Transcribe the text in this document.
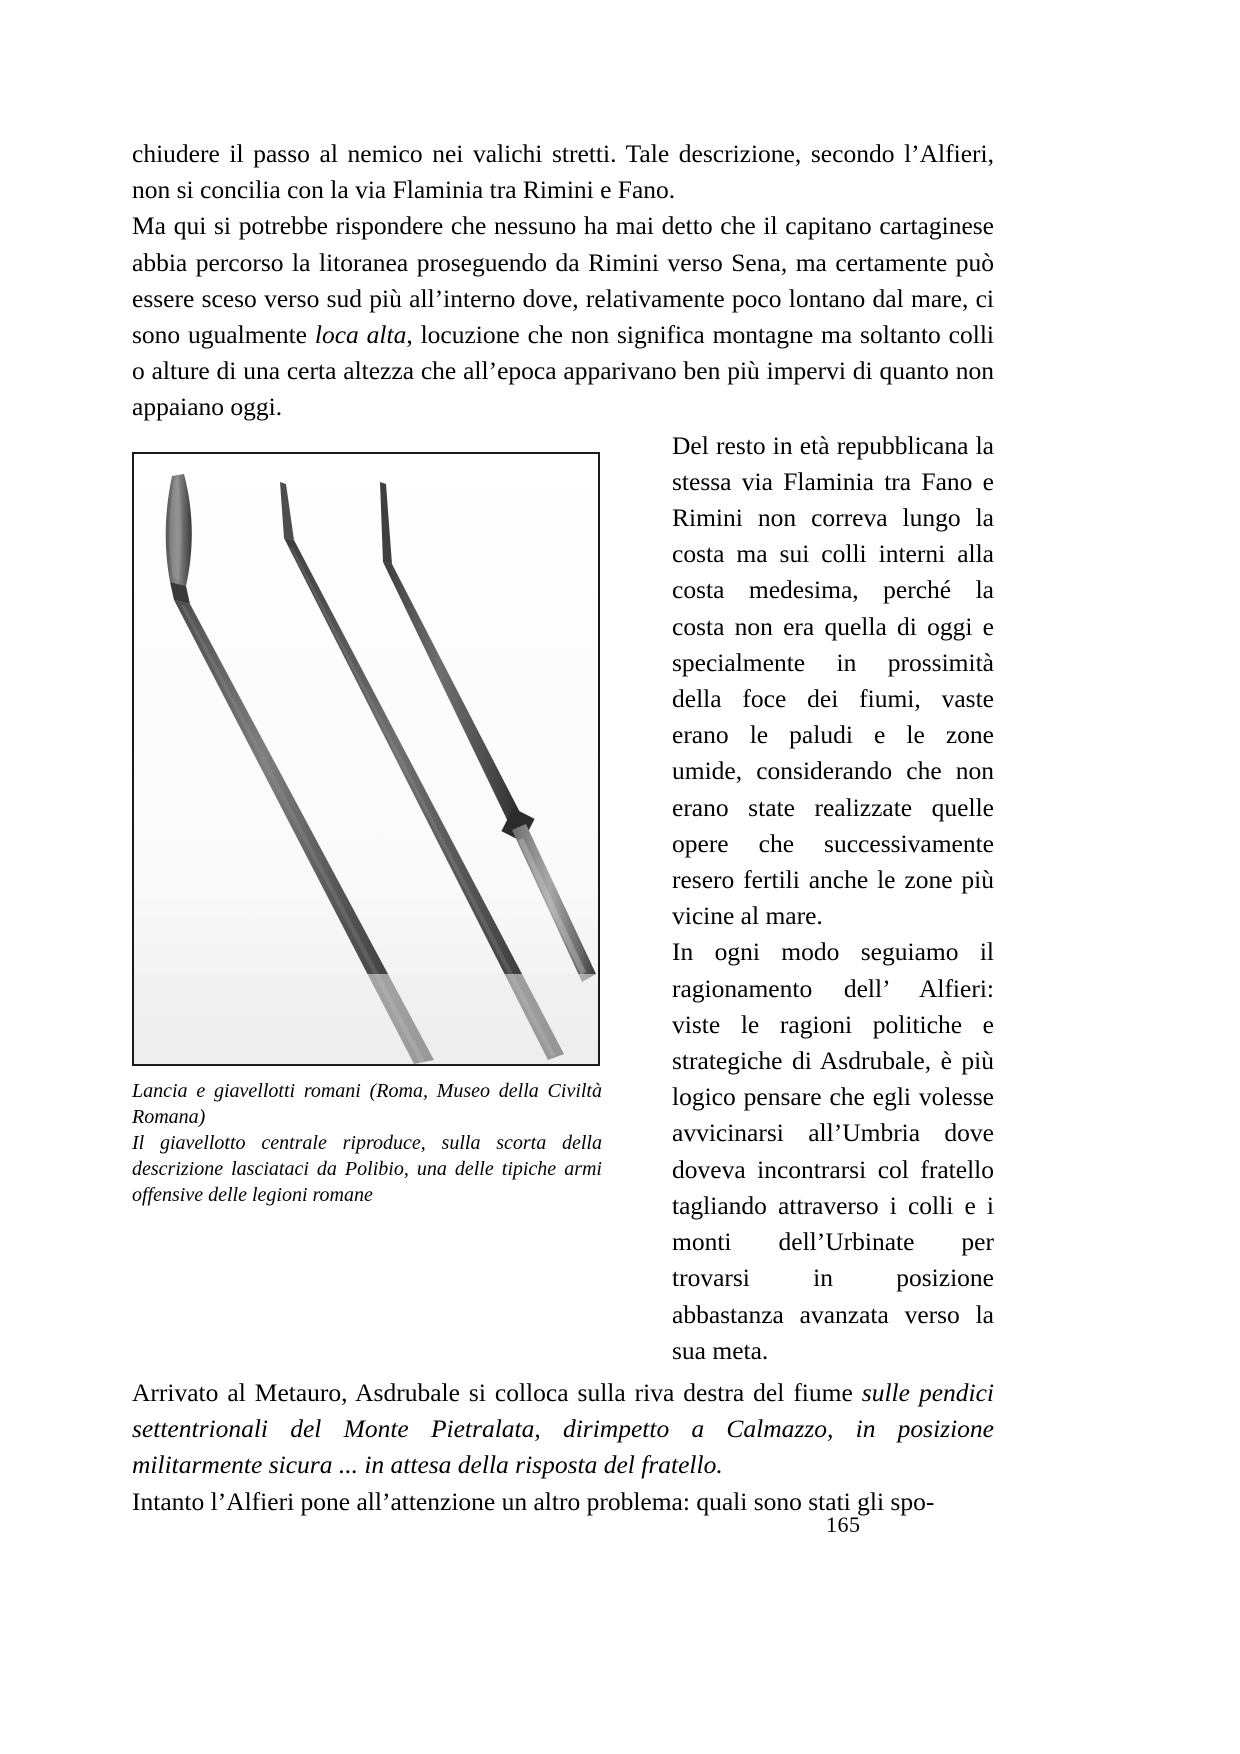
chiudere il passo al nemico nei valichi stretti. Tale descrizione, secondo l’Alfieri, non si concilia con la via Flaminia tra Rimini e Fano.

Ma qui si potrebbe rispondere che nessuno ha mai detto che il capitano cartaginese abbia percorso la litoranea proseguendo da Rimini verso Sena, ma certamente può essere sceso verso sud più all’interno dove, relativamente poco lontano dal mare, ci sono ugualmente loca alta, locuzione che non significa montagne ma soltanto colli o alture di una certa altezza che all’epoca apparivano ben più impervi di quanto non appaiano oggi.

Del resto in età repubblicana la stessa via Flaminia tra Fano e Rimini non correva lungo la costa ma sui colli interni alla costa medesima, perché la costa non era quella di oggi e specialmente in prossimità della foce dei fiumi, vaste erano le paludi e le zone umide, considerando che non erano state realizzate quelle opere che successivamente resero fertili anche le zone più vicine al mare.

In ogni modo seguiamo il ragionamento dell’ Alfieri: viste le ragioni politiche e strategiche di Asdrubale, è più logico pensare che egli volesse avvicinarsi all’Umbria dove doveva incontrarsi col fratello tagliando attraverso i colli e i monti dell’Urbinate per trovarsi in posizione abbastanza avanzata verso la sua meta.

Lancia e giavellotti romani (Roma, Museo della Civiltà Romana)
Il giavellotto centrale riproduce, sulla scorta della descrizione lasciataci da Polibio, una delle tipiche armi offensive delle legioni romane

Arrivato al Metauro, Asdrubale si colloca sulla riva destra del fiume sulle pendici settentrionali del Monte Pietralata, dirimpetto a Calmazzo, in posizione militarmente sicura ... in attesa della risposta del fratello.

Intanto l’Alfieri pone all’attenzione un altro problema: quali sono stati gli spo-

165
